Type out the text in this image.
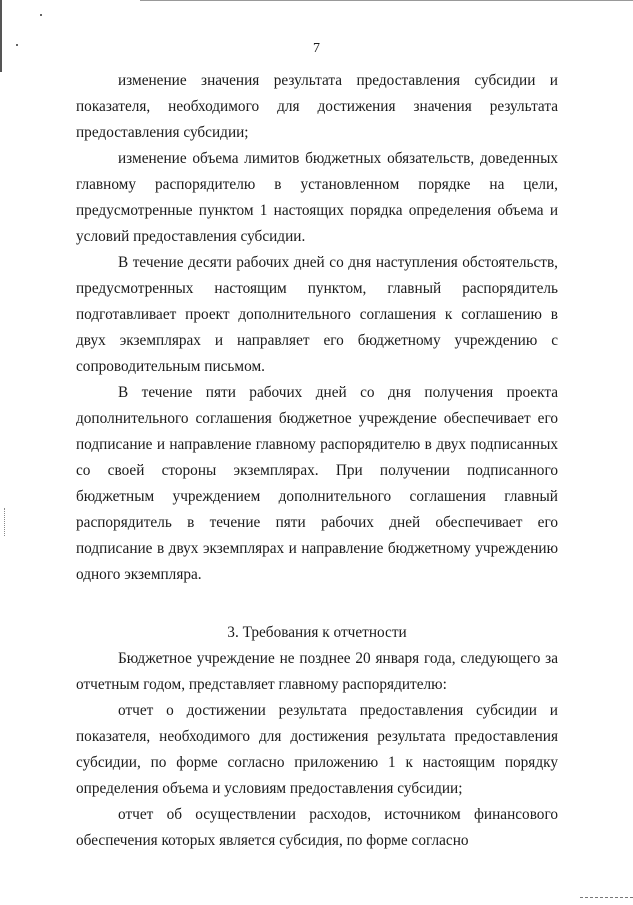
7

изменение значения результата предоставления субсидии и показателя, необходимого для достижения значения результата предоставления субсидии;

изменение объема лимитов бюджетных обязательств, доведенных главному распорядителю в установленном порядке на цели, предусмотренные пунктом 1 настоящих порядка определения объема и условий предоставления субсидии.

В течение десяти рабочих дней со дня наступления обстоятельств, предусмотренных настоящим пунктом, главный распорядитель подготавливает проект дополнительного соглашения к соглашению в двух экземплярах и направляет его бюджетному учреждению с сопроводительным письмом.

В течение пяти рабочих дней со дня получения проекта дополнительного соглашения бюджетное учреждение обеспечивает его подписание и направление главному распорядителю в двух подписанных со своей стороны экземплярах. При получении подписанного бюджетным учреждением дополнительного соглашения главный распорядитель в течение пяти рабочих дней обеспечивает его подписание в двух экземплярах и направление бюджетному учреждению одного экземпляра.

3. Требования к отчетности

Бюджетное учреждение не позднее 20 января года, следующего за отчетным годом, представляет главному распорядителю:

отчет о достижении результата предоставления субсидии и показателя, необходимого для достижения результата предоставления субсидии, по форме согласно приложению 1 к настоящим порядку определения объема и условиям предоставления субсидии;

отчет об осуществлении расходов, источником финансового обеспечения которых является субсидия, по форме согласно
